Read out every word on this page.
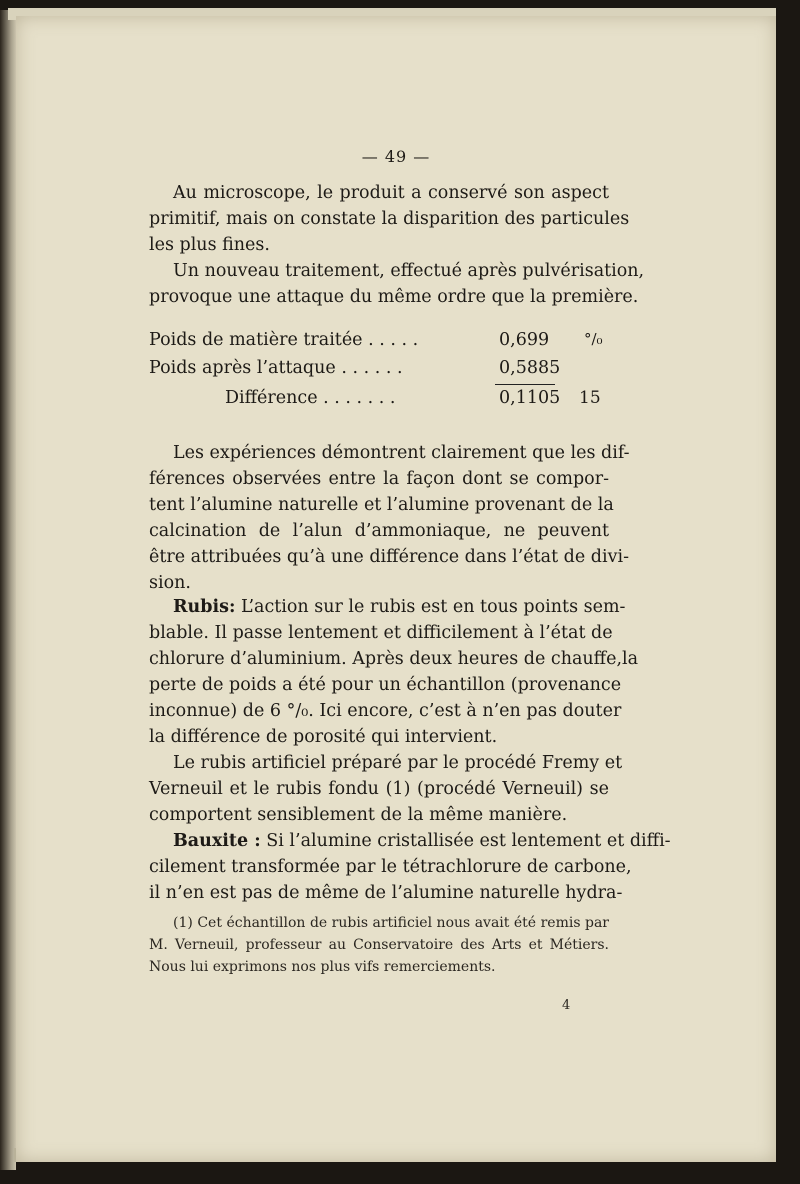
— 49 —
Au microscope, le produit a conservé son aspect
primitif, mais on constate la disparition des particules
les plus fines.
Un nouveau traitement, effectué après pulvérisation,
provoque une attaque du même ordre que la première.
Poids de matière traitée . . . . .	0,699 °/₀
Poids après l’attaque . . . . . .	0,5885
Différence . . . . . . .	0,1105 15
Les expériences démontrent clairement que les dif-
férences observées entre la façon dont se compor-
tent l’alumine naturelle et l’alumine provenant de la
calcination de l’alun d’ammoniaque, ne peuvent
être attribuées qu’à une différence dans l’état de divi-
sion.
Rubis: L’action sur le rubis est en tous points sem-
blable. Il passe lentement et difficilement à l’état de
chlorure d’aluminium. Après deux heures de chauffe,la
perte de poids a été pour un échantillon (provenance
inconnue) de 6 °/₀. Ici encore, c’est à n’en pas douter
la différence de porosité qui intervient.
Le rubis artificiel préparé par le procédé Fremy et
Verneuil et le rubis fondu (1) (procédé Verneuil) se
comportent sensiblement de la même manière.
Bauxite : Si l’alumine cristallisée est lentement et diffi-
cilement transformée par le tétrachlorure de carbone,
il n’en est pas de même de l’alumine naturelle hydra-
(1) Cet échantillon de rubis artificiel nous avait été remis par
M. Verneuil, professeur au Conservatoire des Arts et Métiers.
Nous lui exprimons nos plus vifs remerciements.
4
